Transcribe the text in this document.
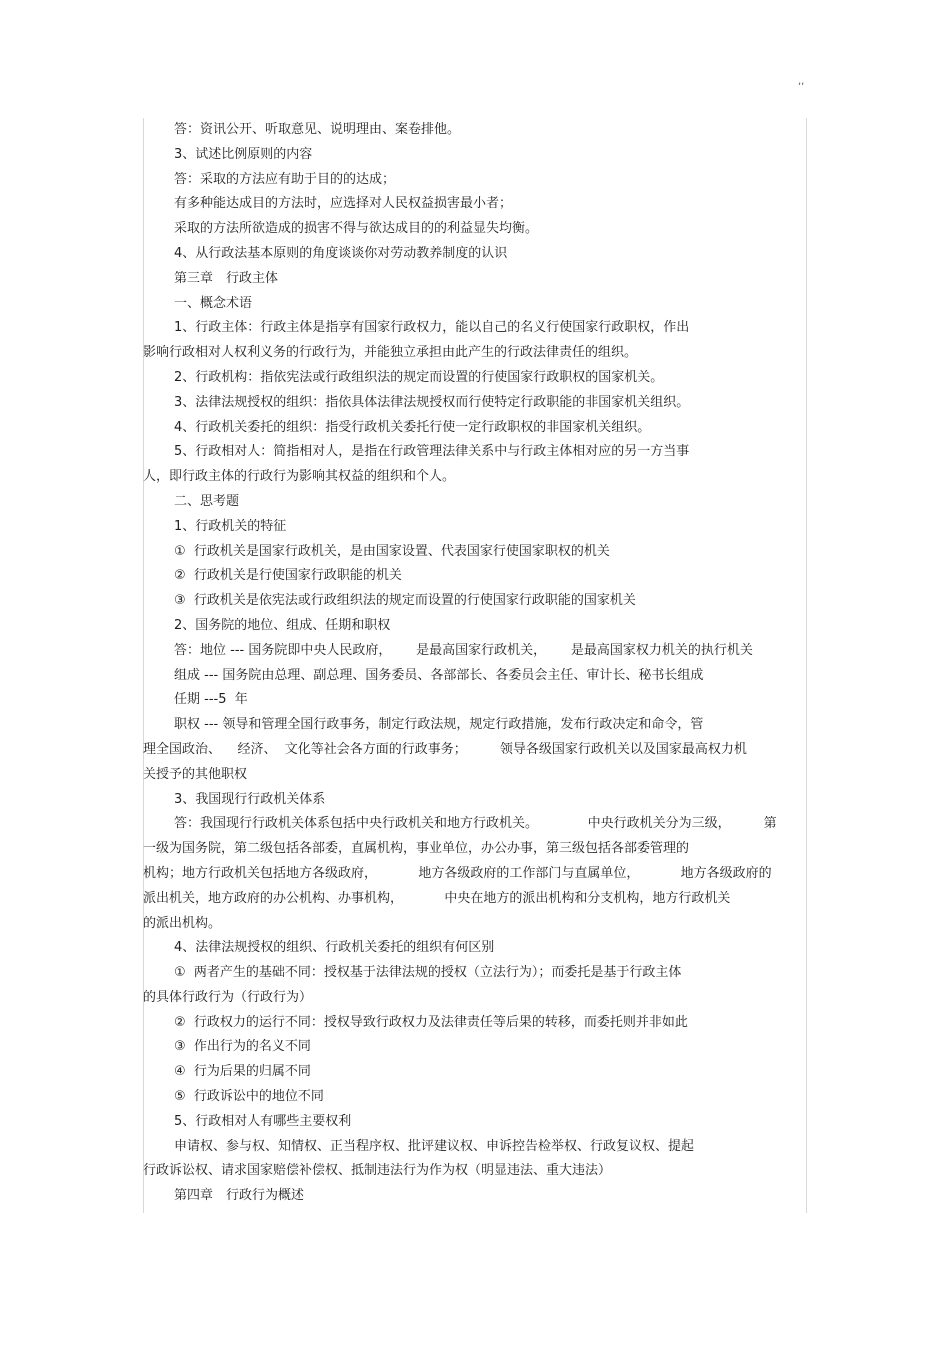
,,
答：资讯公开、听取意见、说明理由、案卷排他。
3、试述比例原则的内容
答：采取的方法应有助于目的的达成；
有多种能达成目的方法时，应选择对人民权益损害最小者；
采取的方法所欲造成的损害不得与欲达成目的的利益显失均衡。
4、从行政法基本原则的角度谈谈你对劳动教养制度的认识
第三章　行政主体
一、概念术语
1、行政主体：行政主体是指享有国家行政权力，能以自己的名义行使国家行政职权，作出
影响行政相对人权利义务的行政行为，并能独立承担由此产生的行政法律责任的组织。
2、行政机构：指依宪法或行政组织法的规定而设置的行使国家行政职权的国家机关。
3、法律法规授权的组织：指依具体法律法规授权而行使特定行政职能的非国家机关组织。
4、行政机关委托的组织：指受行政机关委托行使一定行政职权的非国家机关组织。
5、行政相对人：简指相对人，是指在行政管理法律关系中与行政主体相对应的另一方当事
人，即行政主体的行政行为影响其权益的组织和个人。
二、思考题
1、行政机关的特征
①  行政机关是国家行政机关，是由国家设置、代表国家行使国家职权的机关
②  行政机关是行使国家行政职能的机关
③  行政机关是依宪法或行政组织法的规定而设置的行使国家行政职能的国家机关
2、国务院的地位、组成、任期和职权
答：地位 --- 国务院即中央人民政府，      是最高国家行政机关，      是最高国家权力机关的执行机关
组成 --- 国务院由总理、副总理、国务委员、各部部长、各委员会主任、审计长、秘书长组成
任期 ---5  年
职权 --- 领导和管理全国行政事务，制定行政法规，规定行政措施，发布行政决定和命令，管
理全国政治、    经济、  文化等社会各方面的行政事务；        领导各级国家行政机关以及国家最高权力机
关授予的其他职权
3、我国现行行政机关体系
答：我国现行行政机关体系包括中央行政机关和地方行政机关。            中央行政机关分为三级，        第
一级为国务院，第二级包括各部委，直属机构，事业单位，办公办事，第三级包括各部委管理的
机构；地方行政机关包括地方各级政府，          地方各级政府的工作部门与直属单位，          地方各级政府的
派出机关，地方政府的办公机构、办事机构，          中央在地方的派出机构和分支机构，地方行政机关
的派出机构。
4、法律法规授权的组织、行政机关委托的组织有何区别
①  两者产生的基础不同：授权基于法律法规的授权（立法行为）；而委托是基于行政主体
的具体行政行为（行政行为）
②  行政权力的运行不同：授权导致行政权力及法律责任等后果的转移，而委托则并非如此
③  作出行为的名义不同
④  行为后果的归属不同
⑤  行政诉讼中的地位不同
5、行政相对人有哪些主要权利
申请权、参与权、知情权、正当程序权、批评建议权、申诉控告检举权、行政复议权、提起
行政诉讼权、请求国家赔偿补偿权、抵制违法行为作为权（明显违法、重大违法）
第四章　行政行为概述
